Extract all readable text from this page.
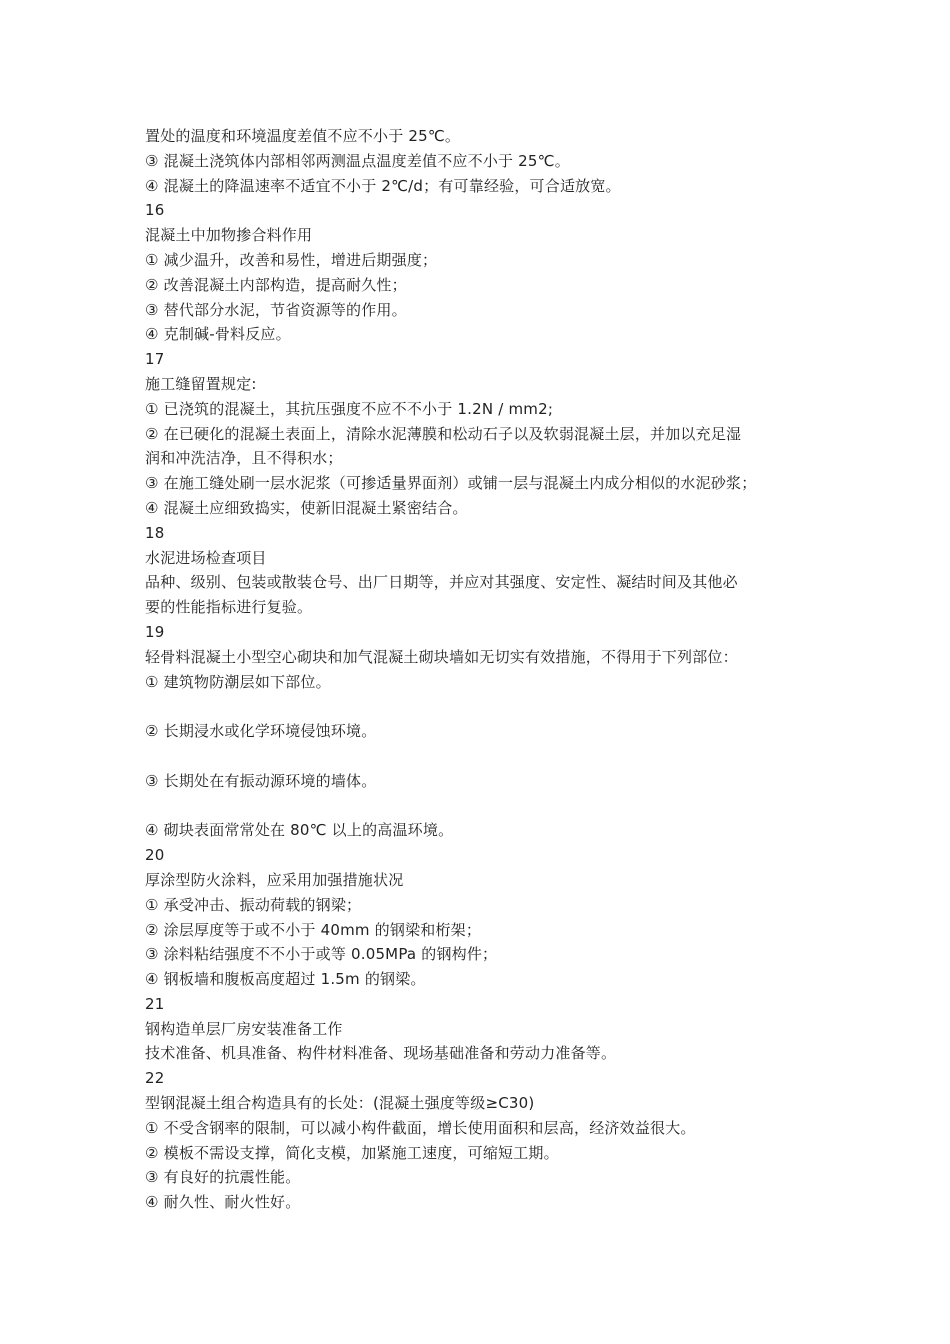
置处的温度和环境温度差值不应不小于 25℃。
③ 混凝土浇筑体内部相邻两测温点温度差值不应不小于 25℃。
④ 混凝土的降温速率不适宜不小于 2℃/d；有可靠经验，可合适放宽。
16
混凝土中加物掺合料作用
① 减少温升，改善和易性，增进后期强度；
② 改善混凝土内部构造，提高耐久性；
③ 替代部分水泥，节省资源等的作用。
④ 克制碱-骨料反应。
17
施工缝留置规定:
① 已浇筑的混凝土，其抗压强度不应不不小于 1.2N / mm2;
② 在已硬化的混凝土表面上，清除水泥薄膜和松动石子以及软弱混凝土层，并加以充足湿
润和冲洗洁净，且不得积水；
③ 在施工缝处刷一层水泥浆（可掺适量界面剂）或铺一层与混凝土内成分相似的水泥砂浆；
④ 混凝土应细致捣实，使新旧混凝土紧密结合。
18
水泥进场检查项目
品种、级别、包装或散装仓号、出厂日期等，并应对其强度、安定性、凝结时间及其他必
要的性能指标进行复验。
19
轻骨料混凝土小型空心砌块和加气混凝土砌块墙如无切实有效措施，不得用于下列部位：
① 建筑物防潮层如下部位。
② 长期浸水或化学环境侵蚀环境。
③ 长期处在有振动源环境的墙体。
④ 砌块表面常常处在 80℃ 以上的高温环境。
20
厚涂型防火涂料，应采用加强措施状况
① 承受冲击、振动荷载的钢梁；
② 涂层厚度等于或不小于 40mm 的钢梁和桁架；
③ 涂料粘结强度不不小于或等 0.05MPa 的钢构件；
④ 钢板墙和腹板高度超过 1.5m 的钢梁。
21
钢构造单层厂房安装准备工作
技术准备、机具准备、构件材料准备、现场基础准备和劳动力准备等。
22
型钢混凝土组合构造具有的长处：(混凝土强度等级≥C30)
① 不受含钢率的限制，可以减小构件截面，增长使用面积和层高，经济效益很大。
② 模板不需设支撑，简化支模，加紧施工速度，可缩短工期。
③ 有良好的抗震性能。
④ 耐久性、耐火性好。
